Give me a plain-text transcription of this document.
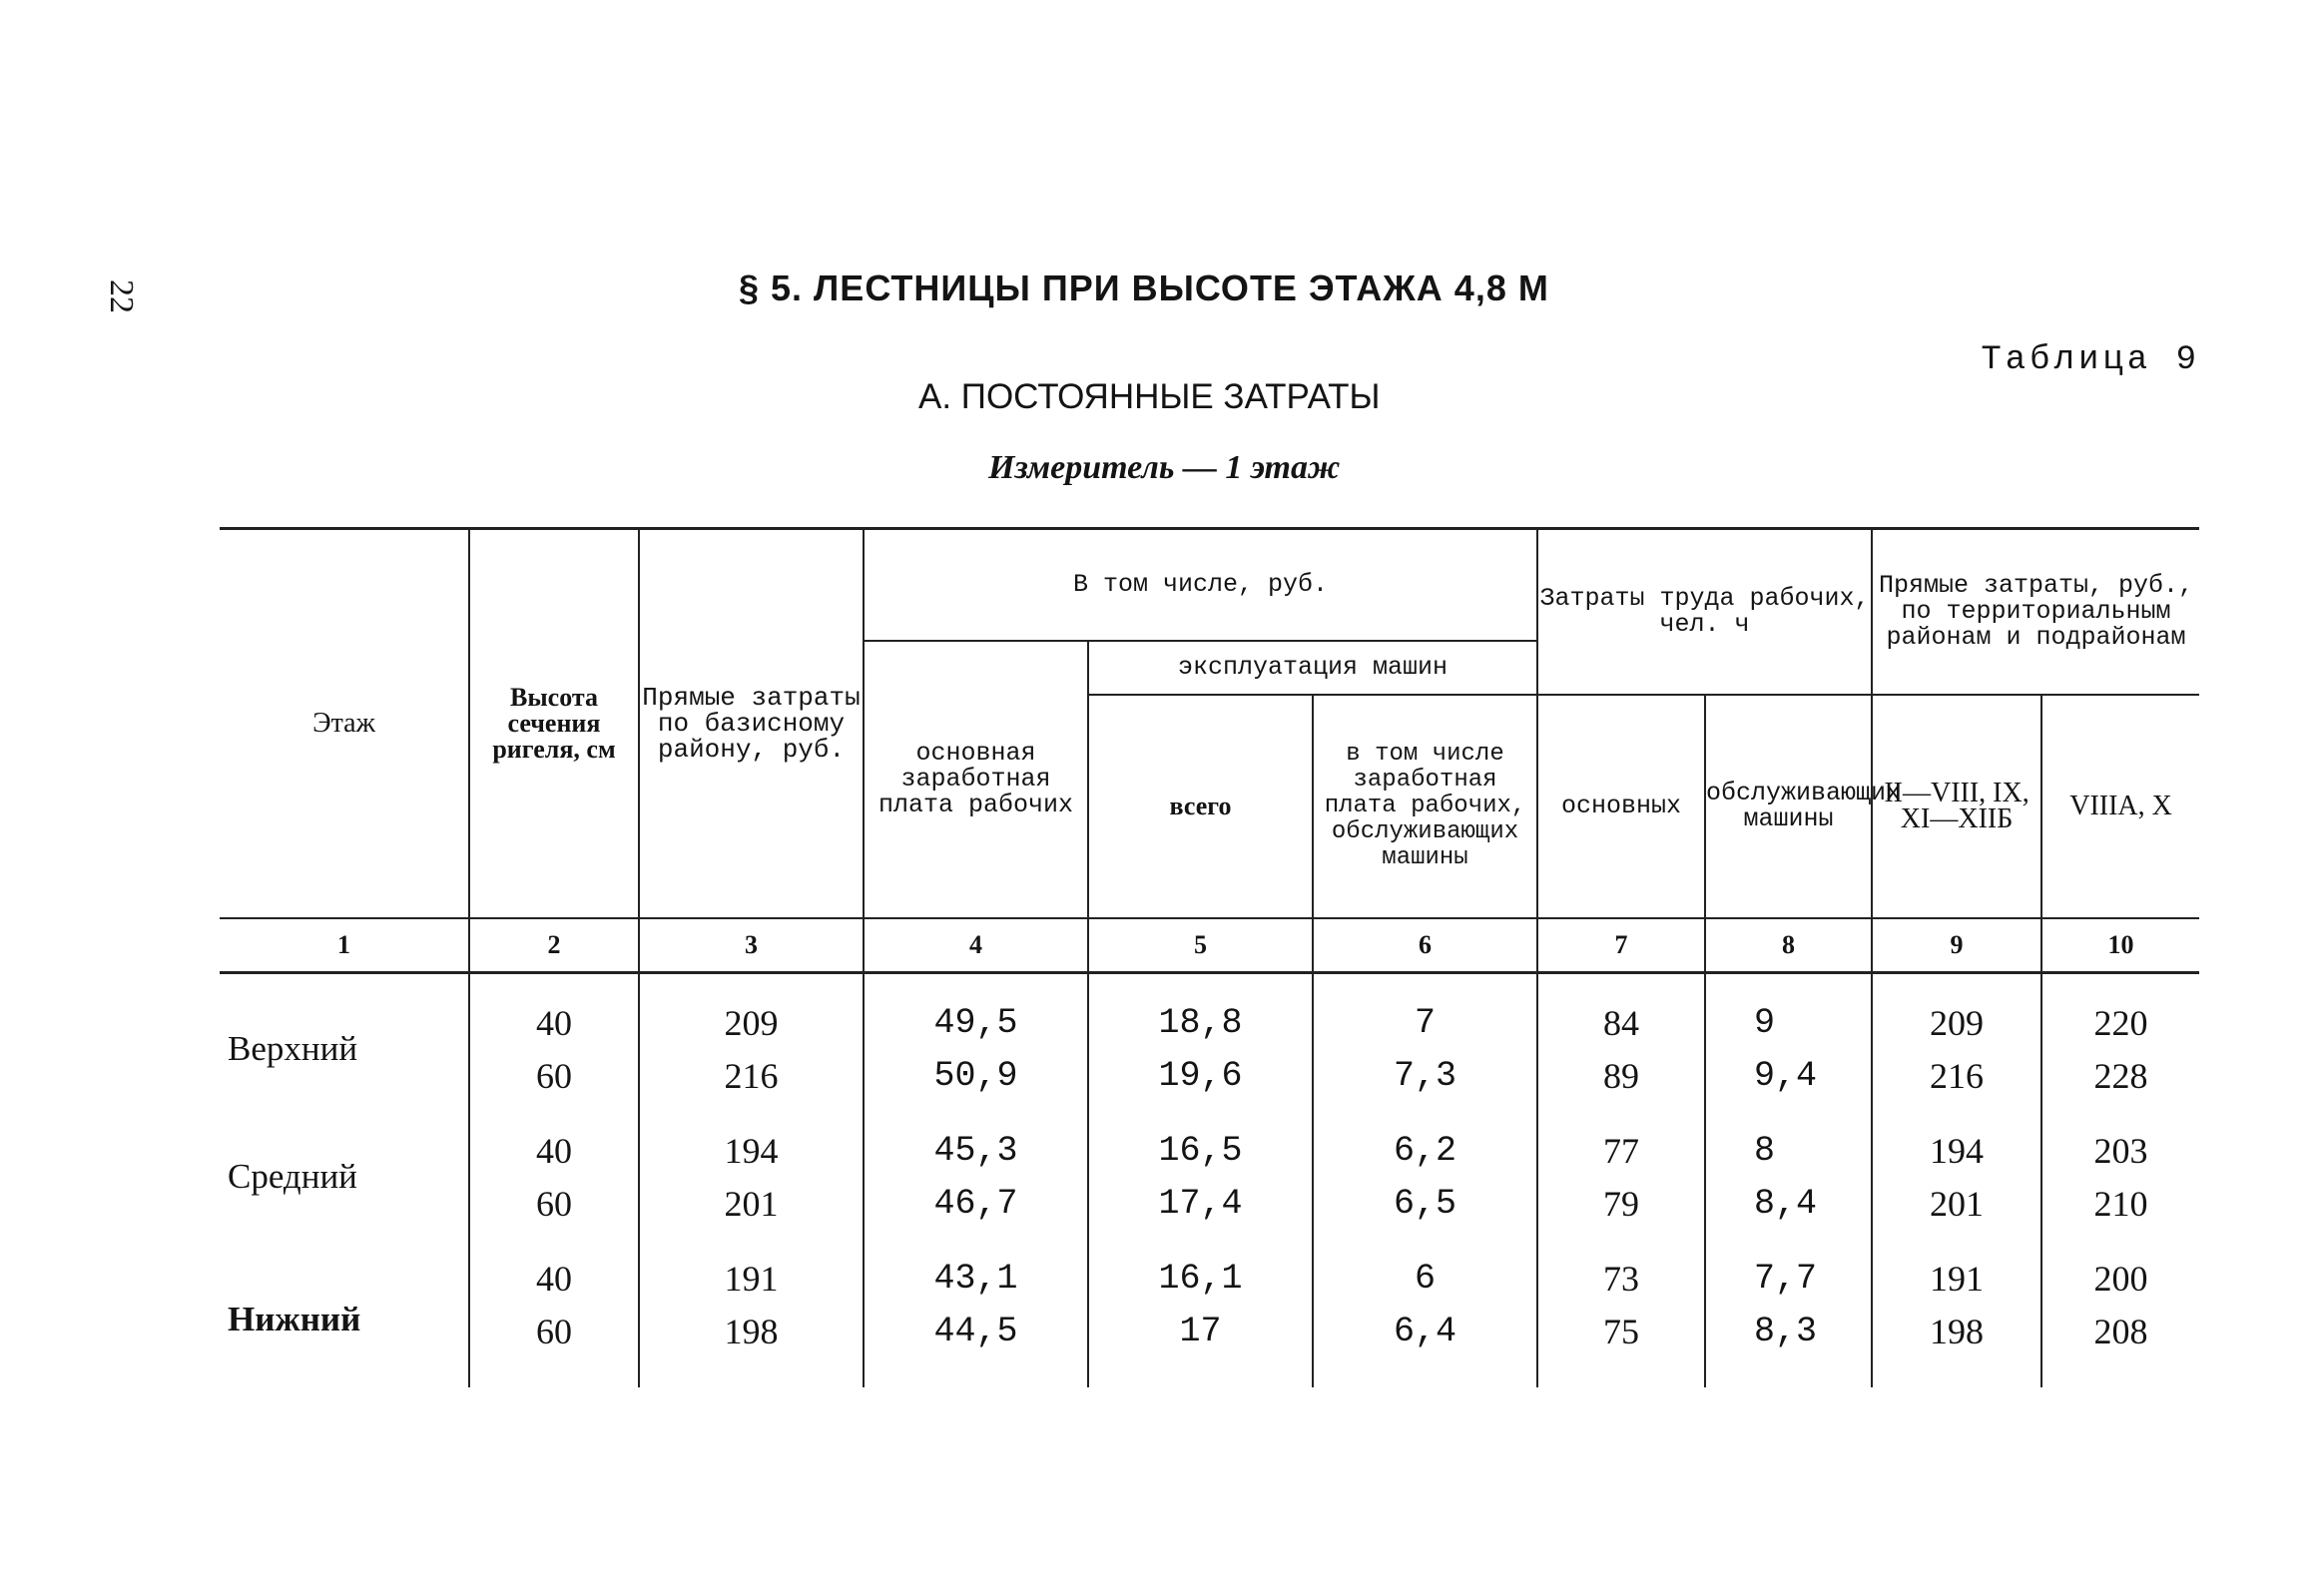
22	§ 5. ЛЕСТНИЦЫ ПРИ ВЫСОТЕ ЭТАЖА 4,8 М
Таблица 9
А. ПОСТОЯННЫЕ ЗАТРАТЫ
Измеритель — 1 этаж
Этаж	Высота сечения ригеля, см	Прямые затраты по базисному району, руб.	В том числе, руб.			Затраты труда рабочих, чел. ч		Прямые затраты, руб., по территориальным районам и подрайонам	
			основная заработная плата рабочих	эксплуатация машин					
				всего	в том числе заработная плата рабочих, обслуживающих машины	основных	обслуживающих машины	II—VIII, IX, XI—XIIБ	VIIIA, X
1	2	3	4	5	6	7	8	9	10
Верхний	40	209	49,5	18,8	7	84	9	209	220
	60	216	50,9	19,6	7,3	89	9,4	216	228
Средний	40	194	45,3	16,5	6,2	77	8	194	203
	60	201	46,7	17,4	6,5	79	8,4	201	210
Нижний	40	191	43,1	16,1	6	73	7,7	191	200
	60	198	44,5	17	6,4	75	8,3	198	208
